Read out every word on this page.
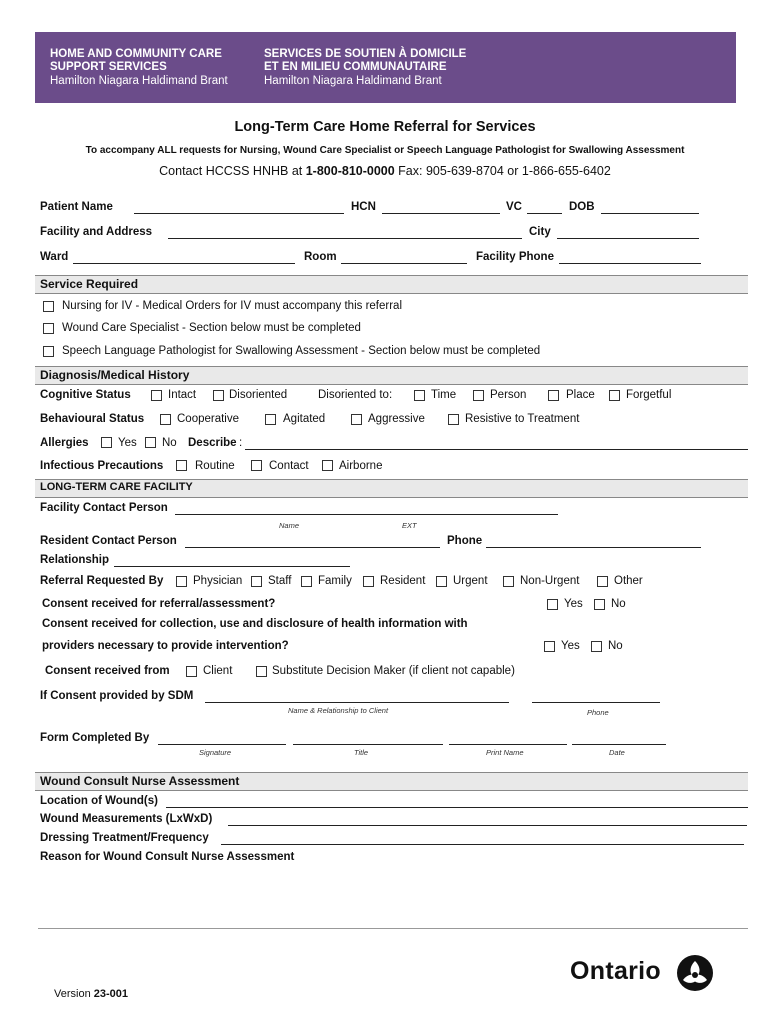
HOME AND COMMUNITY CARE
SUPPORT SERVICES
Hamilton Niagara Haldimand Brant
SERVICES DE SOUTIEN À DOMICILE
ET EN MILIEU COMMUNAUTAIRE
Hamilton Niagara Haldimand Brant
Long-Term Care Home Referral for Services
To accompany ALL requests for Nursing, Wound Care Specialist or Speech Language Pathologist for Swallowing Assessment
Contact HCCSS HNHB at 1-800-810-0000 Fax: 905-639-8704 or 1-866-655-6402
Patient Name	HCN	VC	DOB
Facility and Address	City
Ward	Room	Facility Phone
Service Required
Nursing for IV - Medical Orders for IV must accompany this referral
Wound Care Specialist - Section below must be completed
Speech Language Pathologist for Swallowing Assessment - Section below must be completed
Diagnosis/Medical History
Cognitive Status	Intact	Disoriented	Disoriented to:	Time	Person	Place	Forgetful
Behavioural Status	Cooperative	Agitated	Aggressive	Resistive to Treatment
Allergies	Yes No Describe :
Infectious Precautions	Routine	Contact	Airborne
LONG-TERM CARE FACILITY
Facility Contact Person
Name	EXT
Resident Contact Person	Phone
Relationship
Referral Requested By	Physician Staff Family Resident Urgent	Non-Urgent	Other
Consent received for referral/assessment?	Yes No
Consent received for collection, use and disclosure of health information with
providers necessary to provide intervention?	Yes No
Consent received from	Client	Substitute Decision Maker (if client not capable)
If Consent provided by SDM
Name & Relationship to Client	Phone
Form Completed By
Signature	Title	Print Name	Date
Wound Consult Nurse Assessment
Location of Wound(s)
Wound Measurements (LxWxD)
Dressing Treatment/Frequency
Reason for Wound Consult Nurse Assessment
Version 23-001
Ontario
